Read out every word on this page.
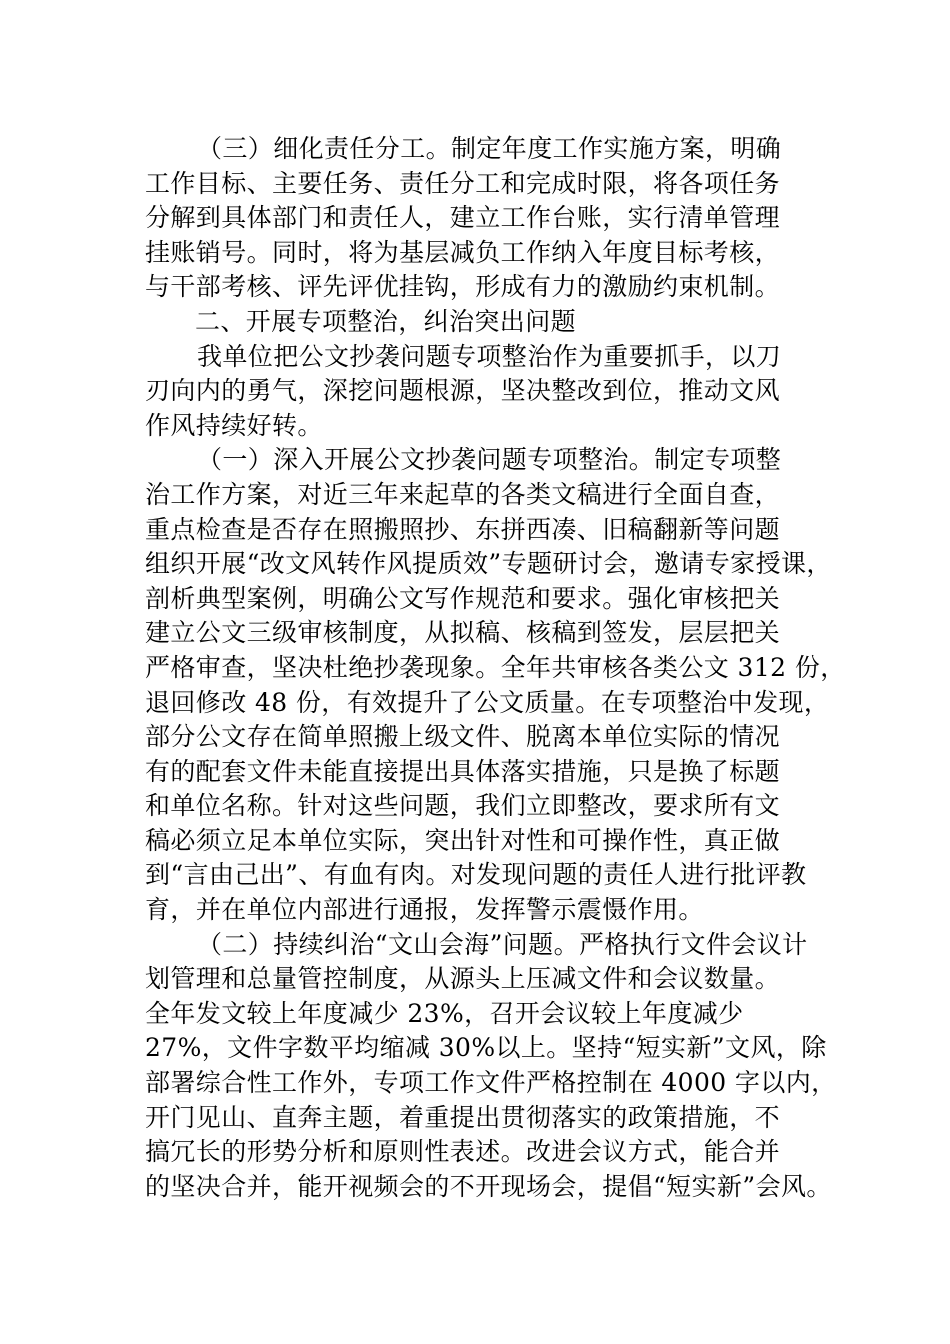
（三）细化责任分工。制定年度工作实施方案，明确
工作目标、主要任务、责任分工和完成时限，将各项任务
分解到具体部门和责任人，建立工作台账，实行清单管理
挂账销号。同时，将为基层减负工作纳入年度目标考核，
与干部考核、评先评优挂钩，形成有力的激励约束机制。
二、开展专项整治，纠治突出问题
我单位把公文抄袭问题专项整治作为重要抓手，以刀
刃向内的勇气，深挖问题根源，坚决整改到位，推动文风
作风持续好转。
（一）深入开展公文抄袭问题专项整治。制定专项整
治工作方案，对近三年来起草的各类文稿进行全面自查，
重点检查是否存在照搬照抄、东拼西凑、旧稿翻新等问题
组织开展“改文风转作风提质效”专题研讨会，邀请专家授课，
剖析典型案例，明确公文写作规范和要求。强化审核把关
建立公文三级审核制度，从拟稿、核稿到签发，层层把关
严格审查，坚决杜绝抄袭现象。全年共审核各类公文 312 份，
退回修改 48 份，有效提升了公文质量。在专项整治中发现，
部分公文存在简单照搬上级文件、脱离本单位实际的情况
有的配套文件未能直接提出具体落实措施，只是换了标题
和单位名称。针对这些问题，我们立即整改，要求所有文
稿必须立足本单位实际，突出针对性和可操作性，真正做
到“言由己出”、有血有肉。对发现问题的责任人进行批评教
育，并在单位内部进行通报，发挥警示震慑作用。
（二）持续纠治“文山会海”问题。严格执行文件会议计
划管理和总量管控制度，从源头上压减文件和会议数量。
全年发文较上年度减少 23%，召开会议较上年度减少
27%，文件字数平均缩减 30%以上。坚持“短实新”文风，除
部署综合性工作外，专项工作文件严格控制在 4000 字以内，
开门见山、直奔主题，着重提出贯彻落实的政策措施，不
搞冗长的形势分析和原则性表述。改进会议方式，能合并
的坚决合并，能开视频会的不开现场会，提倡“短实新”会风。
